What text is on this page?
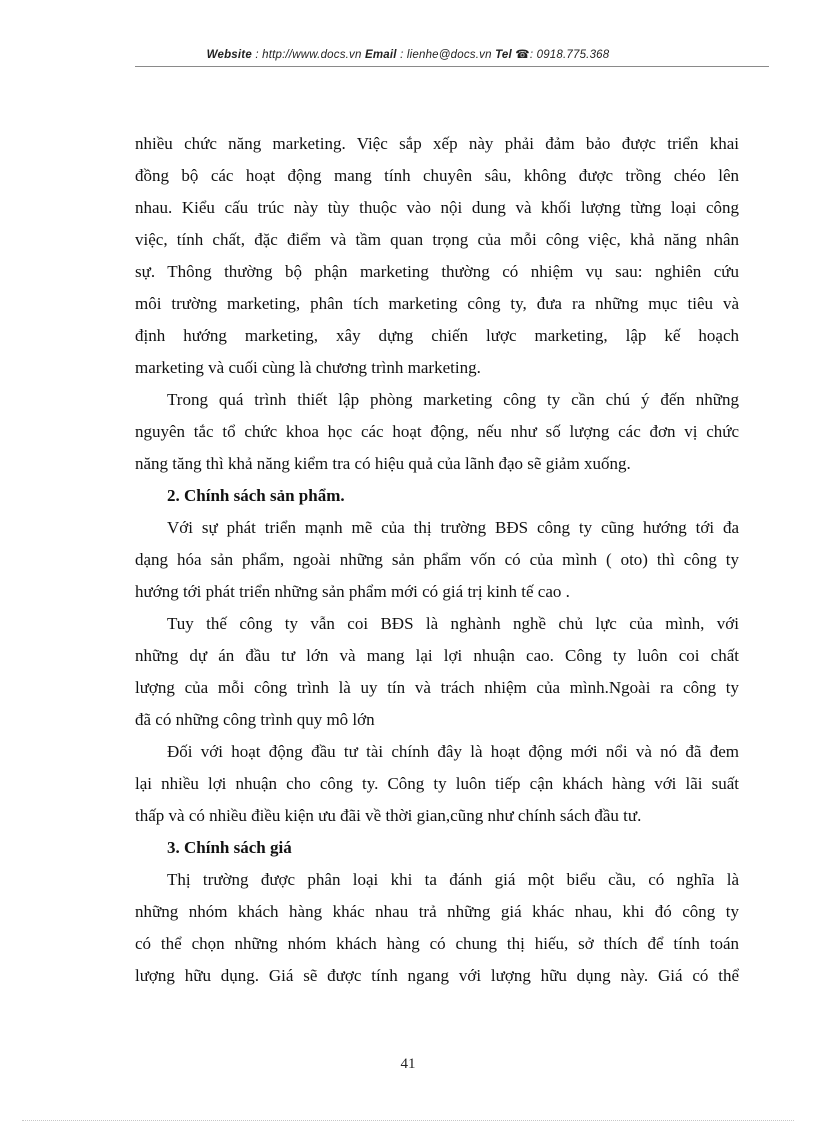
Website : http://www.docs.vn Email : lienhe@docs.vn Tel ☎: 0918.775.368
nhiều chức năng marketing. Việc sắp xếp này phải đảm bảo được triển khai
đồng bộ các hoạt động mang tính chuyên sâu, không được trồng chéo lên
nhau. Kiểu cấu trúc này tùy thuộc vào nội dung và khối lượng từng loại công
việc, tính chất, đặc điểm và tầm quan trọng của mỗi công việc, khả năng nhân
sự. Thông thường bộ phận marketing thường có nhiệm vụ sau: nghiên cứu
môi trường marketing, phân tích marketing công ty, đưa ra những mục tiêu và
định hướng marketing, xây dựng chiến lược marketing, lập kế hoạch
marketing và cuối cùng là chương trình marketing.
Trong quá trình thiết lập phòng marketing công ty cần chú ý đến những
nguyên tắc tổ chức khoa học các hoạt động, nếu như số lượng các đơn vị chức
năng tăng thì khả năng kiểm tra có hiệu quả của lãnh đạo sẽ giảm xuống.
2. Chính sách sản phẩm.
Với sự phát triển mạnh mẽ của thị trường BĐS công ty cũng hướng tới đa
dạng hóa sản phẩm, ngoài những sản phẩm vốn có của mình ( oto) thì công ty
hướng tới phát triển những sản phẩm mới có giá trị kinh tế cao .
Tuy thế công ty vẫn coi BĐS là nghành nghề chủ lực của mình, với
những dự án đầu tư lớn và mang lại lợi nhuận cao. Công ty luôn coi chất
lượng của mỗi công trình là uy tín và trách nhiệm của mình.Ngoài ra công ty
đã có những công trình quy mô lớn
Đối với hoạt động đầu tư tài chính đây là hoạt động mới nổi và nó đã đem
lại nhiều lợi nhuận cho công ty. Công ty luôn tiếp cận khách hàng với lãi suất
thấp và có nhiều điều kiện ưu đãi về thời gian,cũng như chính sách đầu tư.
3. Chính sách giá
Thị trường được phân loại khi ta đánh giá một biểu cầu, có nghĩa là
những nhóm khách hàng khác nhau trả những giá khác nhau, khi đó công ty
có thể chọn những nhóm khách hàng có chung thị hiếu, sở thích để tính toán
lượng hữu dụng. Giá sẽ được tính ngang với lượng hữu dụng này. Giá có thể
41
